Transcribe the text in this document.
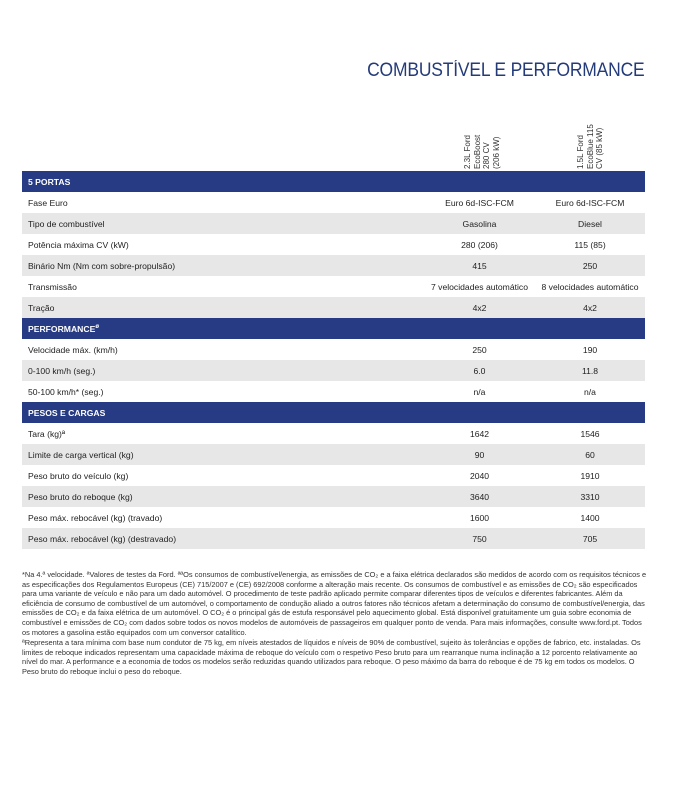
COMBUSTÍVEL E PERFORMANCE
2.3L Ford EcoBoost 280 CV (206 kW)	1.5L Ford EcoBlue 115 CV (85 kW)
5 PORTAS
Fase Euro	Euro 6d-ISC-FCM	Euro 6d-ISC-FCM
Tipo de combustível	Gasolina	Diesel
Potência máxima CV (kW)	280 (206)	115 (85)
Binário Nm (Nm com sobre-propulsão)	415	250
Transmissão	7 velocidades automático	8 velocidades automático
Tração	4x2	4x2
$PERFORMANCE^ø$
Velocidade máx. (km/h)	250	190
0-100 km/h (seg.)	6.0	11.8
50-100 km/h* (seg.)	n/a	n/a
PESOS E CARGAS
Tara (kg)ª	1642	1546
Limite de carga vertical (kg)	90	60
Peso bruto do veículo (kg)	2040	1910
Peso bruto do reboque (kg)	3640	3310
Peso máx. rebocável (kg) (travado)	1600	1400
Peso máx. rebocável (kg) (destravado)	750	705

*Na 4.ª velocidade. ªValores de testes da Ford. ªªOs consumos de combustível/energia, as emissões de CO₂ e a faixa elétrica declarados são medidos de acordo com os requisitos técnicos e as especificações dos Regulamentos Europeus (CE) 715/2007 e (CE) 692/2008 conforme a alteração mais recente. Os consumos de combustível e as emissões de CO₂ são especificados para uma variante de veículo e não para um dado automóvel. O procedimento de teste padrão aplicado permite comparar diferentes tipos de veículos e diferentes fabricantes. Além da eficiência de consumo de combustível de um automóvel, o comportamento de condução aliado a outros fatores não técnicos afetam a determinação do consumo de combustível/energia, das emissões de CO₂ e da faixa elétrica de um automóvel. O CO₂ é o principal gás de estufa responsável pelo aquecimento global. Está disponível gratuitamente um guia sobre economia de combustível e emissões de CO₂ com dados sobre todos os novos modelos de automóveis de passageiros em qualquer ponto de venda. Para mais informações, consulte www.ford.pt. Todos os motores a gasolina estão equipados com um conversor catalítico.

ªRepresenta a tara mínima com base num condutor de 75 kg, em níveis atestados de líquidos e níveis de 90% de combustível, sujeito às tolerâncias e opções de fabrico, etc. instaladas. Os limites de reboque indicados representam uma capacidade máxima de reboque do veículo com o respetivo Peso bruto para um rearranque numa inclinação a 12 porcento relativamente ao nível do mar. A performance e a economia de todos os modelos serão reduzidas quando utilizados para reboque. O peso máximo da barra do reboque é de 75 kg em todos os modelos. O Peso bruto do reboque inclui o peso do reboque.
